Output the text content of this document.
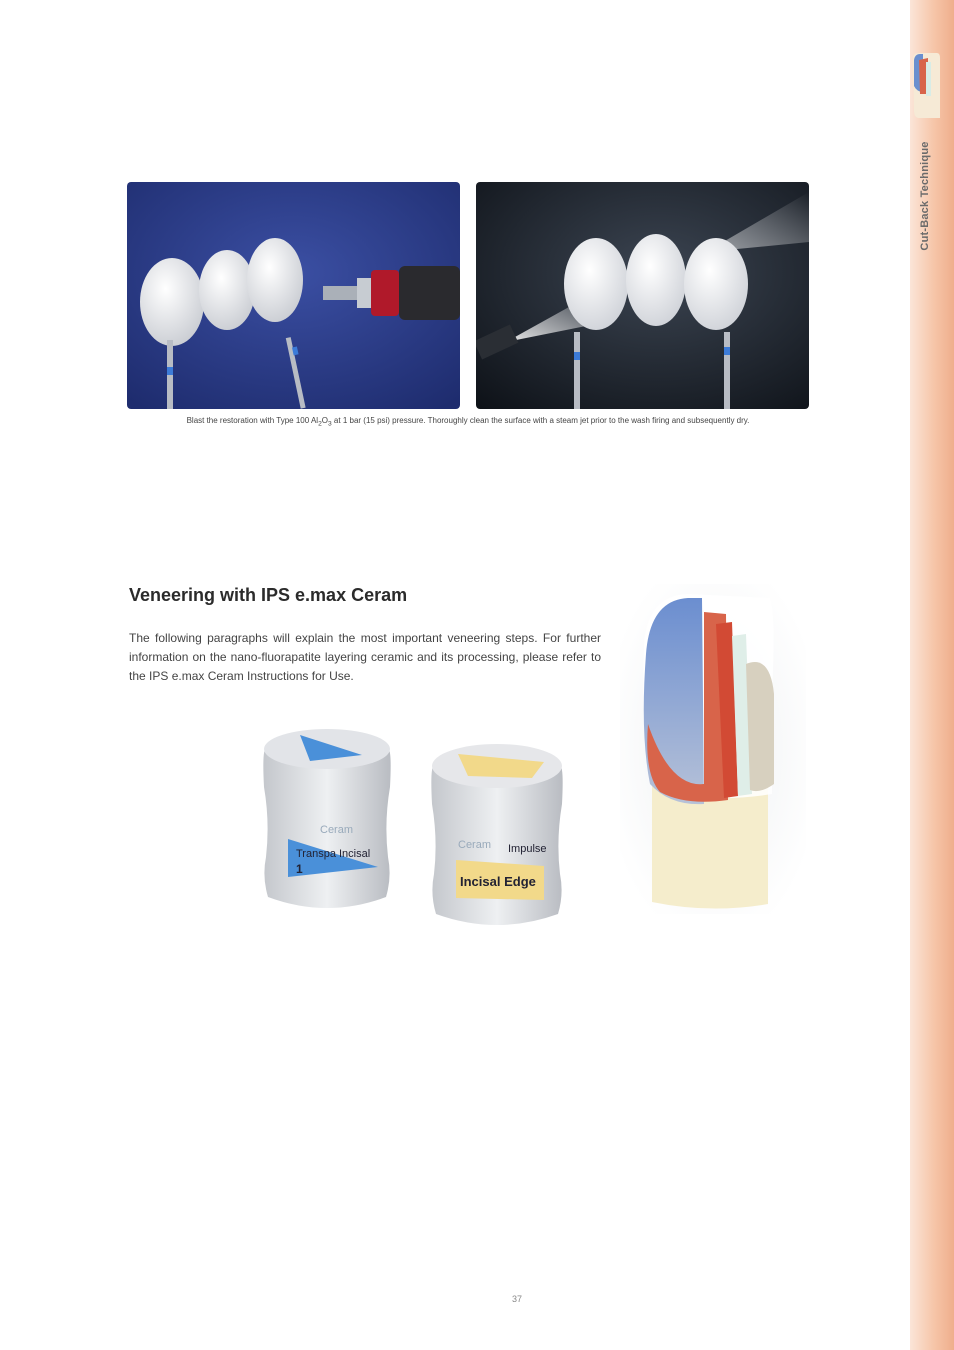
Cut-Back Technique
Blast the restoration with Type 100 $Al_2O_3$ at 1 bar (15 psi) pressure. Thoroughly clean the surface with a steam jet prior to the wash firing and subsequently dry.
Veneering with IPS e.max Ceram

The following paragraphs will explain the most important veneering steps. For further information on the nano-fluorapatite layering ceramic and its processing, please refer to the IPS e.max Ceram Instructions for Use.

Ceram
Transpa Incisal
1
Ceram Impulse
Incisal Edge
37
